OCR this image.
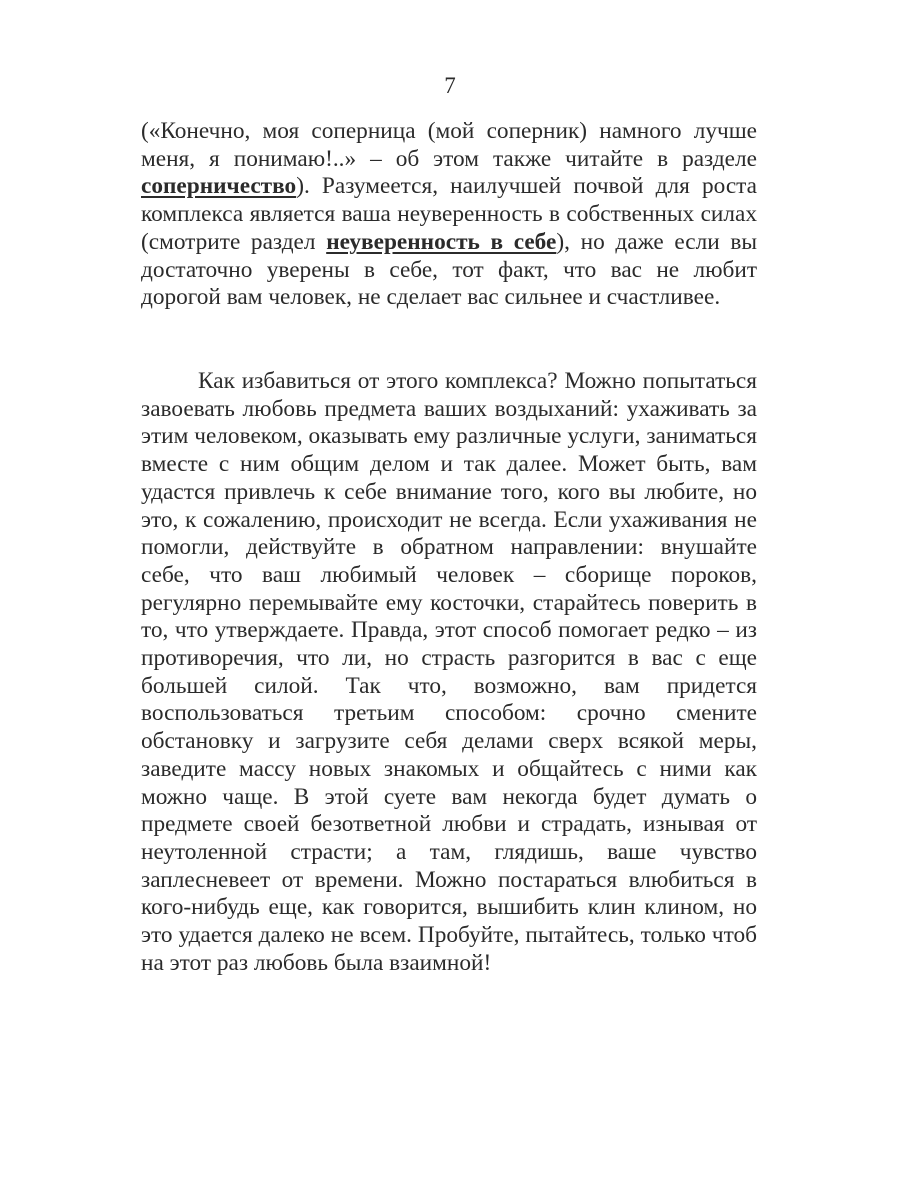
7

(«Конечно, моя соперница (мой соперник) намного лучше меня, я понимаю!..» – об этом также читайте в разделе соперничество). Разумеется, наилучшей почвой для роста комплекса является ваша неуверенность в собственных силах (смотрите раздел неуверенность в себе), но даже если вы достаточно уверены в себе, тот факт, что вас не любит дорогой вам человек, не сделает вас сильнее и счастливее.

Как избавиться от этого комплекса? Можно попытаться завоевать любовь предмета ваших воздыханий: ухаживать за этим человеком, оказывать ему различные услуги, заниматься вместе с ним общим делом и так далее. Может быть, вам удастся привлечь к себе внимание того, кого вы любите, но это, к сожалению, происходит не всегда. Если ухаживания не помогли, действуйте в обратном направлении: внушайте себе, что ваш любимый человек – сборище пороков, регулярно перемывайте ему косточки, старайтесь поверить в то, что утверждаете. Правда, этот способ помогает редко – из противоречия, что ли, но страсть разгорится в вас с еще большей силой. Так что, возможно, вам придется воспользоваться третьим способом: срочно смените обстановку и загрузите себя делами сверх всякой меры, заведите массу новых знакомых и общайтесь с ними как можно чаще. В этой суете вам некогда будет думать о предмете своей безответной любви и страдать, изнывая от неутоленной страсти; а там, глядишь, ваше чувство заплесневеет от времени. Можно постараться влюбиться в кого-нибудь еще, как говорится, вышибить клин клином, но это удается далеко не всем. Пробуйте, пытайтесь, только чтоб на этот раз любовь была взаимной!
